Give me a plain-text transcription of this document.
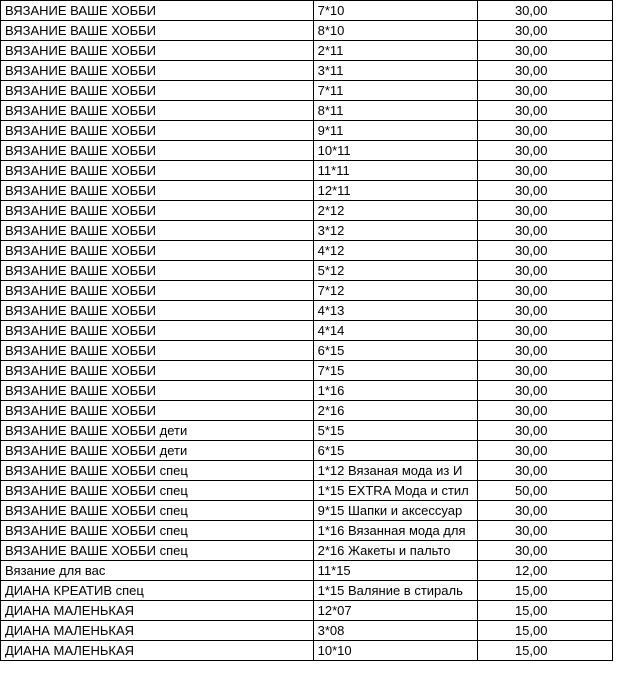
ВЯЗАНИЕ ВАШЕ ХОББИ	7*10	30,00	
ВЯЗАНИЕ ВАШЕ ХОББИ	8*10	30,00	
ВЯЗАНИЕ ВАШЕ ХОББИ	2*11	30,00	
ВЯЗАНИЕ ВАШЕ ХОББИ	3*11	30,00	
ВЯЗАНИЕ ВАШЕ ХОББИ	7*11	30,00	
ВЯЗАНИЕ ВАШЕ ХОББИ	8*11	30,00	
ВЯЗАНИЕ ВАШЕ ХОББИ	9*11	30,00	
ВЯЗАНИЕ ВАШЕ ХОББИ	10*11	30,00	
ВЯЗАНИЕ ВАШЕ ХОББИ	11*11	30,00	
ВЯЗАНИЕ ВАШЕ ХОББИ	12*11	30,00	
ВЯЗАНИЕ ВАШЕ ХОББИ	2*12	30,00	
ВЯЗАНИЕ ВАШЕ ХОББИ	3*12	30,00	
ВЯЗАНИЕ ВАШЕ ХОББИ	4*12	30,00	
ВЯЗАНИЕ ВАШЕ ХОББИ	5*12	30,00	
ВЯЗАНИЕ ВАШЕ ХОББИ	7*12	30,00	
ВЯЗАНИЕ ВАШЕ ХОББИ	4*13	30,00	
ВЯЗАНИЕ ВАШЕ ХОББИ	4*14	30,00	
ВЯЗАНИЕ ВАШЕ ХОББИ	6*15	30,00	
ВЯЗАНИЕ ВАШЕ ХОББИ	7*15	30,00	
ВЯЗАНИЕ ВАШЕ ХОББИ	1*16	30,00	
ВЯЗАНИЕ ВАШЕ ХОББИ	2*16	30,00	
ВЯЗАНИЕ ВАШЕ ХОББИ дети	5*15	30,00	
ВЯЗАНИЕ ВАШЕ ХОББИ дети	6*15	30,00	
ВЯЗАНИЕ ВАШЕ ХОББИ спец	1*12 Вязаная мода из И	30,00	
ВЯЗАНИЕ ВАШЕ ХОББИ спец	1*15 EXTRA Мода и стил	50,00	
ВЯЗАНИЕ ВАШЕ ХОББИ спец	9*15 Шапки и аксессуар	30,00	
ВЯЗАНИЕ ВАШЕ ХОББИ спец	1*16 Вязанная мода для	30,00	
ВЯЗАНИЕ ВАШЕ ХОББИ спец	2*16 Жакеты и пальто	30,00	
Вязание для вас	11*15	12,00	
ДИАНА КРЕАТИВ спец	1*15 Валяние в стираль	15,00	
ДИАНА МАЛЕНЬКАЯ	12*07	15,00	
ДИАНА МАЛЕНЬКАЯ	3*08	15,00	
ДИАНА МАЛЕНЬКАЯ	10*10	15,00	
